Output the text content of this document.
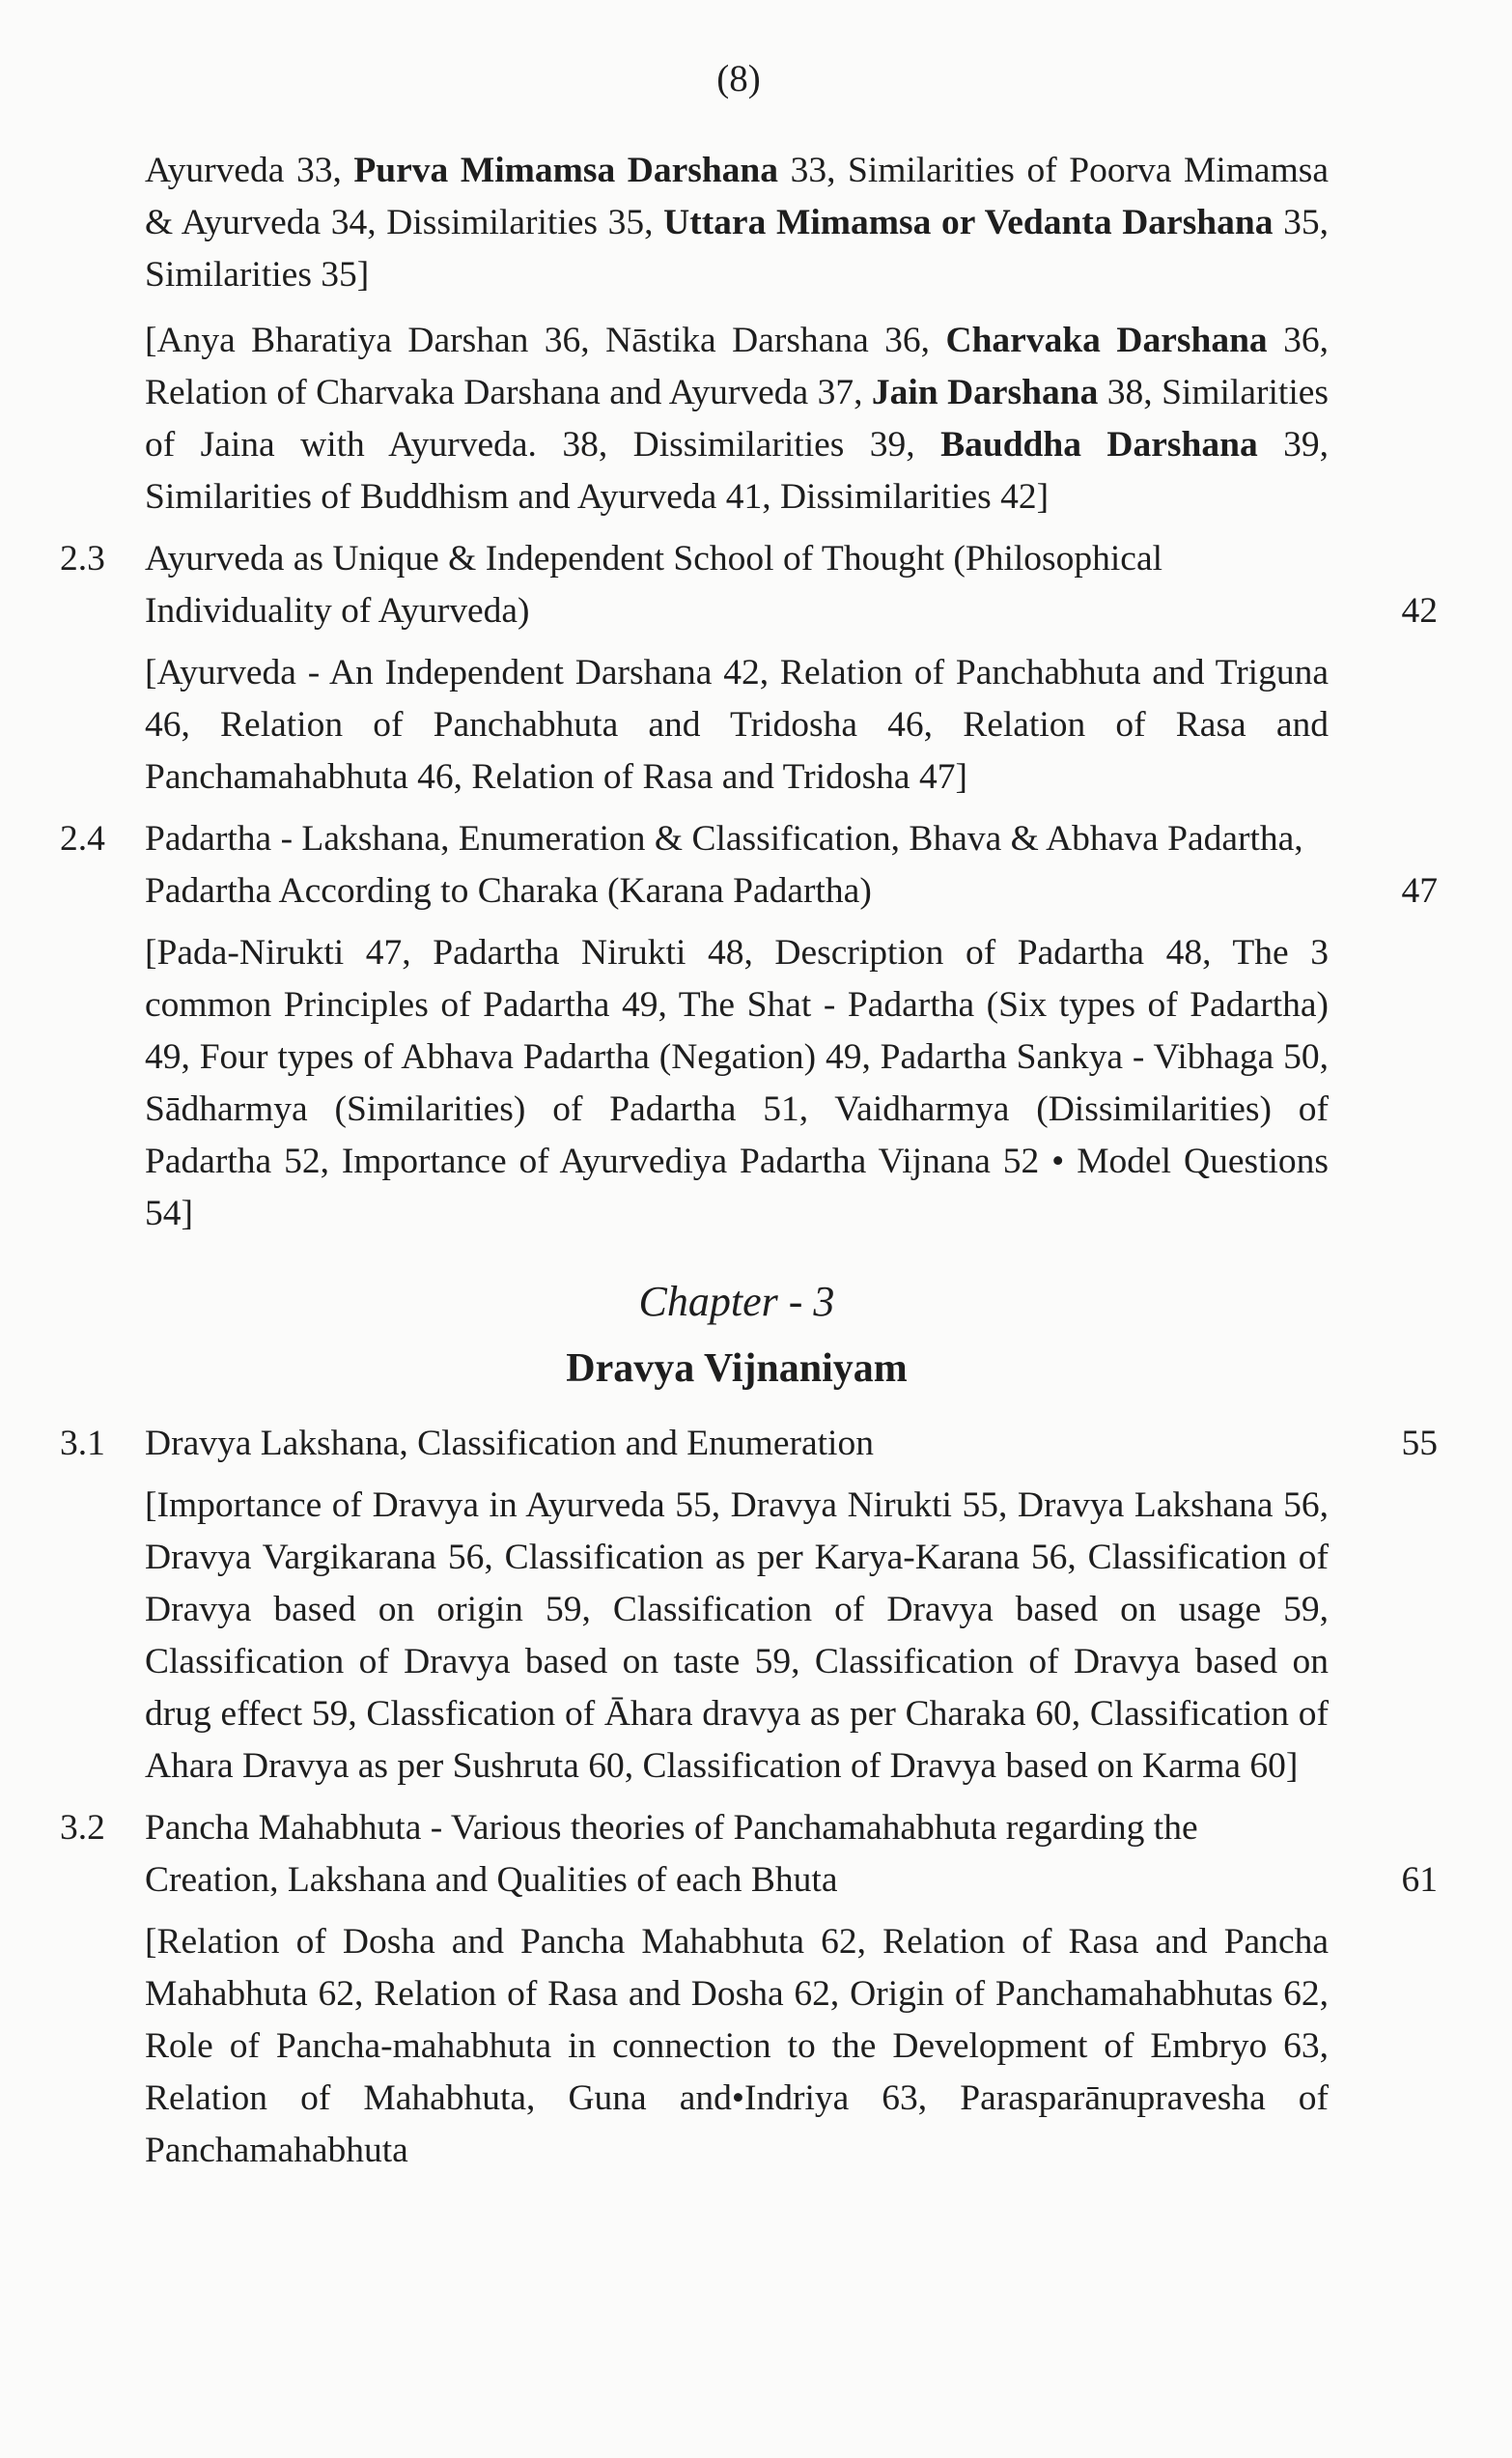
(8)
Ayurveda 33, Purva Mimamsa Darshana 33, Similarities of Poorva Mimamsa & Ayurveda 34, Dissimilarities 35, Uttara Mimamsa or Vedanta Darshana 35, Similarities 35]
[Anya Bharatiya Darshan 36, Nāstika Darshana 36, Charvaka Darshana 36, Relation of Charvaka Darshana and Ayurveda 37, Jain Darshana 38, Similarities of Jaina with Ayurveda. 38, Dissimilarities 39, Bauddha Darshana 39, Similarities of Buddhism and Ayurveda 41, Dissimilarities 42]
2.3	Ayurveda as Unique & Independent School of Thought (Philosophical Individuality of Ayurveda)	42
[Ayurveda - An Independent Darshana 42, Relation of Panchabhuta and Triguna 46, Relation of Panchabhuta and Tridosha 46, Relation of Rasa and Panchamahabhuta 46, Relation of Rasa and Tridosha 47]
2.4	Padartha - Lakshana, Enumeration & Classification, Bhava & Abhava Padartha, Padartha According to Charaka (Karana Padartha)	47
[Pada-Nirukti 47, Padartha Nirukti 48, Description of Padartha 48, The 3 common Principles of Padartha 49, The Shat - Padartha (Six types of Padartha) 49, Four types of Abhava Padartha (Negation) 49, Padartha Sankya - Vibhaga 50, Sādharmya (Similarities) of Padartha 51, Vaidharmya (Dissimilarities) of Padartha 52, Importance of Ayurvediya Padartha Vijnana 52 • Model Questions 54]
Chapter - 3
Dravya Vijnaniyam
3.1	Dravya Lakshana, Classification and Enumeration	55
[Importance of Dravya in Ayurveda 55, Dravya Nirukti 55, Dravya Lakshana 56, Dravya Vargikarana 56, Classification as per Karya-Karana 56, Classification of Dravya based on origin 59, Classification of Dravya based on usage 59, Classification of Dravya based on taste 59, Classification of Dravya based on drug effect 59, Classfication of Āhara dravya as per Charaka 60, Classification of Ahara Dravya as per Sushruta 60, Classification of Dravya based on Karma 60]
3.2	Pancha Mahabhuta - Various theories of Panchamahabhuta regarding the Creation, Lakshana and Qualities of each Bhuta	61
[Relation of Dosha and Pancha Mahabhuta 62, Relation of Rasa and Pancha Mahabhuta 62, Relation of Rasa and Dosha 62, Origin of Panchamahabhutas 62, Role of Pancha-mahabhuta in connection to the Development of Embryo 63, Relation of Mahabhuta, Guna and•Indriya 63, Parasparānupravesha of Panchamahabhuta
